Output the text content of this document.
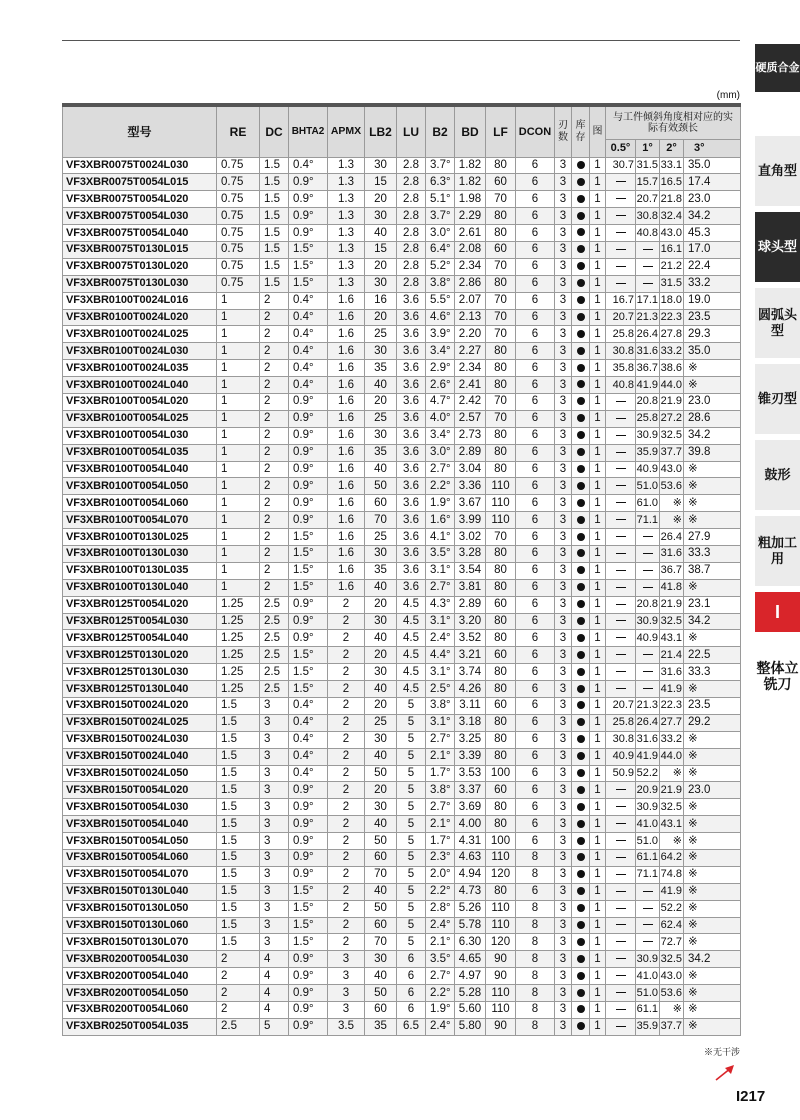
(mm)
型号	RE	DC	BHTA2	APMX	LB2	LU	B2	BD	LF	DCON	刃数	库存	图	与工件倾斜角度相对应的实际有效颈长			
														0.5°	1°	2°	3°
VF3XBR0075T0024L030	0.75	1.5	0.4°	1.3	30	2.8	3.7°	1.82	80	6	3		1	30.7	31.5	33.1	35.0
VF3XBR0075T0054L015	0.75	1.5	0.9°	1.3	15	2.8	6.3°	1.82	60	6	3		1		15.7	16.5	17.4
VF3XBR0075T0054L020	0.75	1.5	0.9°	1.3	20	2.8	5.1°	1.98	70	6	3		1		20.7	21.8	23.0
VF3XBR0075T0054L030	0.75	1.5	0.9°	1.3	30	2.8	3.7°	2.29	80	6	3		1		30.8	32.4	34.2
VF3XBR0075T0054L040	0.75	1.5	0.9°	1.3	40	2.8	3.0°	2.61	80	6	3		1		40.8	43.0	45.3
VF3XBR0075T0130L015	0.75	1.5	1.5°	1.3	15	2.8	6.4°	2.08	60	6	3		1			16.1	17.0
VF3XBR0075T0130L020	0.75	1.5	1.5°	1.3	20	2.8	5.2°	2.34	70	6	3		1			21.2	22.4
VF3XBR0075T0130L030	0.75	1.5	1.5°	1.3	30	2.8	3.8°	2.86	80	6	3		1			31.5	33.2
VF3XBR0100T0024L016	1	2	0.4°	1.6	16	3.6	5.5°	2.07	70	6	3		1	16.7	17.1	18.0	19.0
VF3XBR0100T0024L020	1	2	0.4°	1.6	20	3.6	4.6°	2.13	70	6	3		1	20.7	21.3	22.3	23.5
VF3XBR0100T0024L025	1	2	0.4°	1.6	25	3.6	3.9°	2.20	70	6	3		1	25.8	26.4	27.8	29.3
VF3XBR0100T0024L030	1	2	0.4°	1.6	30	3.6	3.4°	2.27	80	6	3		1	30.8	31.6	33.2	35.0
VF3XBR0100T0024L035	1	2	0.4°	1.6	35	3.6	2.9°	2.34	80	6	3		1	35.8	36.7	38.6	※
VF3XBR0100T0024L040	1	2	0.4°	1.6	40	3.6	2.6°	2.41	80	6	3		1	40.8	41.9	44.0	※
VF3XBR0100T0054L020	1	2	0.9°	1.6	20	3.6	4.7°	2.42	70	6	3		1		20.8	21.9	23.0
VF3XBR0100T0054L025	1	2	0.9°	1.6	25	3.6	4.0°	2.57	70	6	3		1		25.8	27.2	28.6
VF3XBR0100T0054L030	1	2	0.9°	1.6	30	3.6	3.4°	2.73	80	6	3		1		30.9	32.5	34.2
VF3XBR0100T0054L035	1	2	0.9°	1.6	35	3.6	3.0°	2.89	80	6	3		1		35.9	37.7	39.8
VF3XBR0100T0054L040	1	2	0.9°	1.6	40	3.6	2.7°	3.04	80	6	3		1		40.9	43.0	※
VF3XBR0100T0054L050	1	2	0.9°	1.6	50	3.6	2.2°	3.36	110	6	3		1		51.0	53.6	※
VF3XBR0100T0054L060	1	2	0.9°	1.6	60	3.6	1.9°	3.67	110	6	3		1		61.0	※	※
VF3XBR0100T0054L070	1	2	0.9°	1.6	70	3.6	1.6°	3.99	110	6	3		1		71.1	※	※
VF3XBR0100T0130L025	1	2	1.5°	1.6	25	3.6	4.1°	3.02	70	6	3		1			26.4	27.9
VF3XBR0100T0130L030	1	2	1.5°	1.6	30	3.6	3.5°	3.28	80	6	3		1			31.6	33.3
VF3XBR0100T0130L035	1	2	1.5°	1.6	35	3.6	3.1°	3.54	80	6	3		1			36.7	38.7
VF3XBR0100T0130L040	1	2	1.5°	1.6	40	3.6	2.7°	3.81	80	6	3		1			41.8	※
VF3XBR0125T0054L020	1.25	2.5	0.9°	2	20	4.5	4.3°	2.89	60	6	3		1		20.8	21.9	23.1
VF3XBR0125T0054L030	1.25	2.5	0.9°	2	30	4.5	3.1°	3.20	80	6	3		1		30.9	32.5	34.2
VF3XBR0125T0054L040	1.25	2.5	0.9°	2	40	4.5	2.4°	3.52	80	6	3		1		40.9	43.1	※
VF3XBR0125T0130L020	1.25	2.5	1.5°	2	20	4.5	4.4°	3.21	60	6	3		1			21.4	22.5
VF3XBR0125T0130L030	1.25	2.5	1.5°	2	30	4.5	3.1°	3.74	80	6	3		1			31.6	33.3
VF3XBR0125T0130L040	1.25	2.5	1.5°	2	40	4.5	2.5°	4.26	80	6	3		1			41.9	※
VF3XBR0150T0024L020	1.5	3	0.4°	2	20	5	3.8°	3.11	60	6	3		1	20.7	21.3	22.3	23.5
VF3XBR0150T0024L025	1.5	3	0.4°	2	25	5	3.1°	3.18	80	6	3		1	25.8	26.4	27.7	29.2
VF3XBR0150T0024L030	1.5	3	0.4°	2	30	5	2.7°	3.25	80	6	3		1	30.8	31.6	33.2	※
VF3XBR0150T0024L040	1.5	3	0.4°	2	40	5	2.1°	3.39	80	6	3		1	40.9	41.9	44.0	※
VF3XBR0150T0024L050	1.5	3	0.4°	2	50	5	1.7°	3.53	100	6	3		1	50.9	52.2	※	※
VF3XBR0150T0054L020	1.5	3	0.9°	2	20	5	3.8°	3.37	60	6	3		1		20.9	21.9	23.0
VF3XBR0150T0054L030	1.5	3	0.9°	2	30	5	2.7°	3.69	80	6	3		1		30.9	32.5	※
VF3XBR0150T0054L040	1.5	3	0.9°	2	40	5	2.1°	4.00	80	6	3		1		41.0	43.1	※
VF3XBR0150T0054L050	1.5	3	0.9°	2	50	5	1.7°	4.31	100	6	3		1		51.0	※	※
VF3XBR0150T0054L060	1.5	3	0.9°	2	60	5	2.3°	4.63	110	8	3		1		61.1	64.2	※
VF3XBR0150T0054L070	1.5	3	0.9°	2	70	5	2.0°	4.94	120	8	3		1		71.1	74.8	※
VF3XBR0150T0130L040	1.5	3	1.5°	2	40	5	2.2°	4.73	80	6	3		1			41.9	※
VF3XBR0150T0130L050	1.5	3	1.5°	2	50	5	2.8°	5.26	110	8	3		1			52.2	※
VF3XBR0150T0130L060	1.5	3	1.5°	2	60	5	2.4°	5.78	110	8	3		1			62.4	※
VF3XBR0150T0130L070	1.5	3	1.5°	2	70	5	2.1°	6.30	120	8	3		1			72.7	※
VF3XBR0200T0054L030	2	4	0.9°	3	30	6	3.5°	4.65	90	8	3		1		30.9	32.5	34.2
VF3XBR0200T0054L040	2	4	0.9°	3	40	6	2.7°	4.97	90	8	3		1		41.0	43.0	※
VF3XBR0200T0054L050	2	4	0.9°	3	50	6	2.2°	5.28	110	8	3		1		51.0	53.6	※
VF3XBR0200T0054L060	2	4	0.9°	3	60	6	1.9°	5.60	110	8	3		1		61.1	※	※
VF3XBR0250T0054L035	2.5	5	0.9°	3.5	35	6.5	2.4°	5.80	90	8	3		1		35.9	37.7	※
※无干涉
I217
硬质合金
直角型
球头型
圆弧头型
锥刃型
鼓形
粗加工用
I
整体立铣刀
